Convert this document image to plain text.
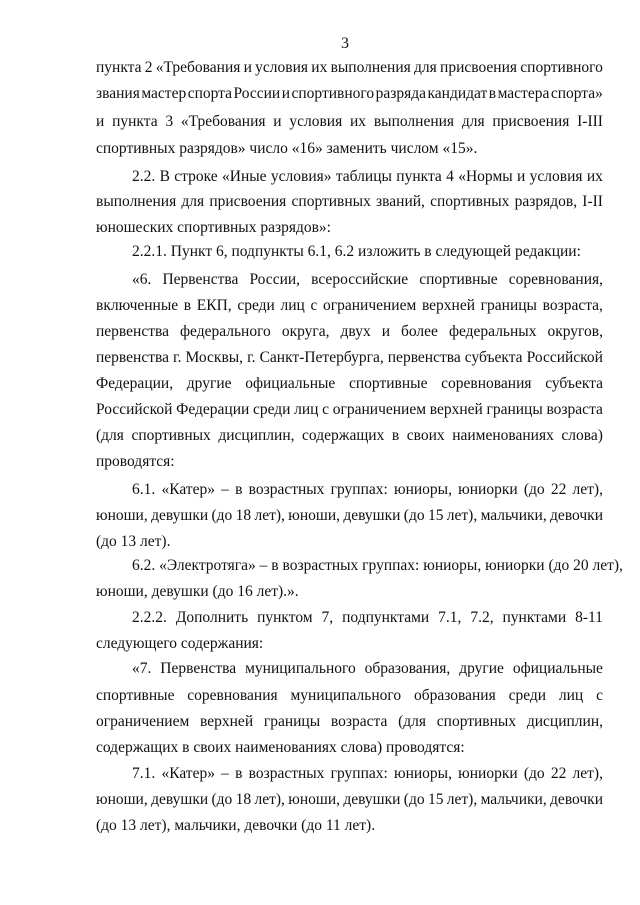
3
пункта 2 «Требования и условия их выполнения для присвоения спортивного
звания мастер спорта России и спортивного разряда кандидат в мастера спорта»
и пункта 3 «Требования и условия их выполнения для присвоения I-III
спортивных разрядов» число «16» заменить числом «15».
2.2. В строке «Иные условия» таблицы пункта 4 «Нормы и условия их
выполнения для присвоения спортивных званий, спортивных разрядов, I-II
юношеских спортивных разрядов»:
2.2.1. Пункт 6, подпункты 6.1, 6.2 изложить в следующей редакции:
«6. Первенства России, всероссийские спортивные соревнования,
включенные в ЕКП, среди лиц с ограничением верхней границы возраста,
первенства федерального округа, двух и более федеральных округов,
первенства г. Москвы, г. Санкт-Петербурга, первенства субъекта Российской
Федерации, другие официальные спортивные соревнования субъекта
Российской Федерации среди лиц с ограничением верхней границы возраста
(для спортивных дисциплин, содержащих в своих наименованиях слова)
проводятся:
6.1. «Катер» – в возрастных группах: юниоры, юниорки (до 22 лет),
юноши, девушки (до 18 лет), юноши, девушки (до 15 лет), мальчики, девочки
(до 13 лет).
6.2. «Электротяга» – в возрастных группах: юниоры, юниорки (до 20 лет),
юноши, девушки (до 16 лет).».
2.2.2. Дополнить пунктом 7, подпунктами 7.1, 7.2, пунктами 8-11
следующего содержания:
«7. Первенства муниципального образования, другие официальные
спортивные соревнования муниципального образования среди лиц с
ограничением верхней границы возраста (для спортивных дисциплин,
содержащих в своих наименованиях слова) проводятся:
7.1. «Катер» – в возрастных группах: юниоры, юниорки (до 22 лет),
юноши, девушки (до 18 лет), юноши, девушки (до 15 лет), мальчики, девочки
(до 13 лет), мальчики, девочки (до 11 лет).
